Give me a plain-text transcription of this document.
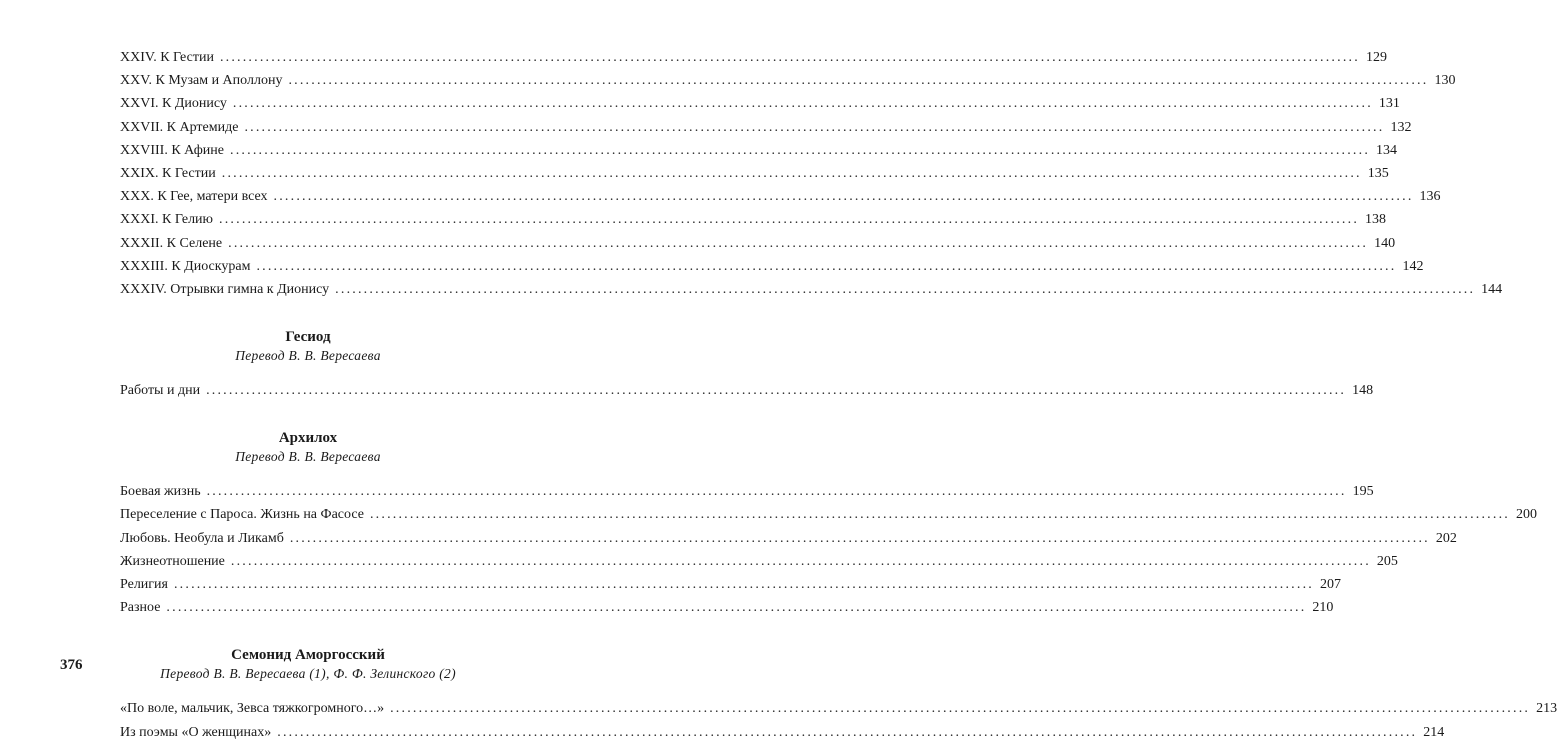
XXIV. К Гестии ........................................................................................................................................................................................................ 129
XXV. К Музам и Аполлону ........................................................................................................................................................................................................ 130
XXVI. К Дионису ........................................................................................................................................................................................................ 131
XXVII. К Артемиде ........................................................................................................................................................................................................ 132
XXVIII. К Афине ........................................................................................................................................................................................................ 134
XXIX. К Гестии ........................................................................................................................................................................................................ 135
XXX. К Гее, матери всех ........................................................................................................................................................................................................ 136
XXXI. К Гелию ........................................................................................................................................................................................................ 138
XXXII. К Селене ........................................................................................................................................................................................................ 140
XXXIII. К Диоскурам ........................................................................................................................................................................................................ 142
XXXIV. Отрывки гимна к Дионису ........................................................................................................................................................................................................ 144
Гесиод
Перевод В. В. Вересаева
Работы и дни ........................................................................................................................................................................................................ 148
Архилох
Перевод В. В. Вересаева
Боевая жизнь ........................................................................................................................................................................................................ 195
Переселение с Пароса. Жизнь на Фасосе ........................................................................................................................................................................................................ 200
Любовь. Необула и Ликамб ........................................................................................................................................................................................................ 202
Жизнеотношение ........................................................................................................................................................................................................ 205
Религия ........................................................................................................................................................................................................ 207
Разное ........................................................................................................................................................................................................ 210
Семонид Аморгосский
Перевод В. В. Вересаева (1), Ф. Ф. Зелинского (2)
«По воле, мальчик, Зевса тяжкогромного…» ........................................................................................................................................................................................................ 213
Из поэмы «О женщинах» ........................................................................................................................................................................................................ 214
376
